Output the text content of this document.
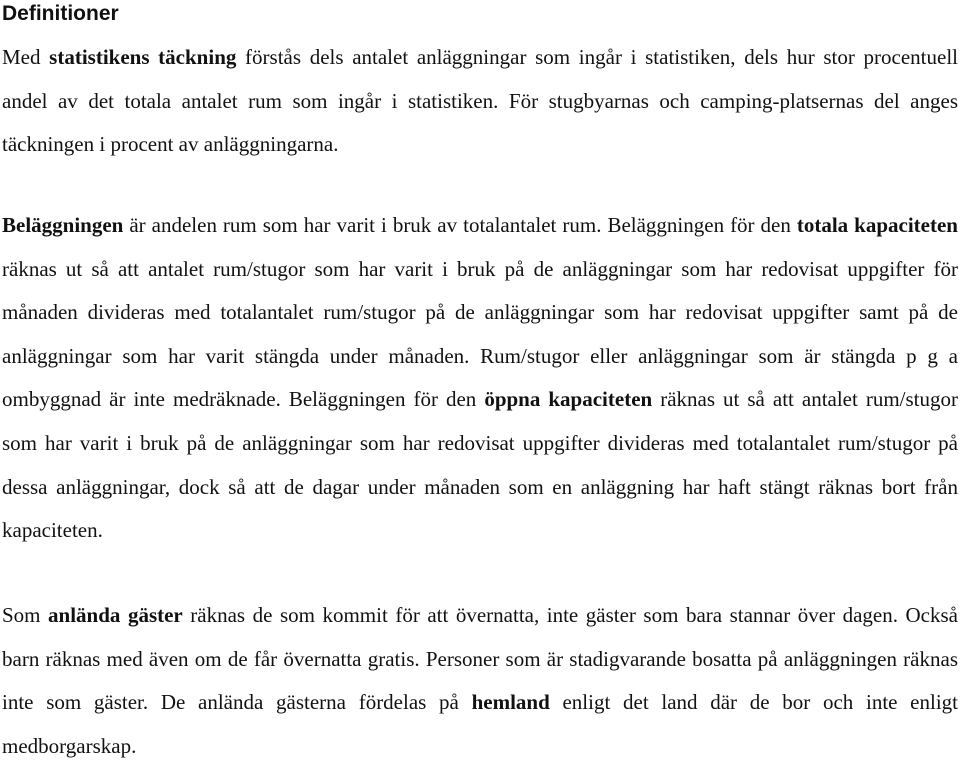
Definitioner

Med statistikens täckning förstås dels antalet anläggningar som ingår i statistiken, dels hur stor procentuell andel av det totala antalet rum som ingår i statistiken. För stugbyarnas och camping-platsernas del anges täckningen i procent av anläggningarna.

Beläggningen är andelen rum som har varit i bruk av totalantalet rum. Beläggningen för den totala kapaciteten räknas ut så att antalet rum/stugor som har varit i bruk på de anläggningar som har redovisat uppgifter för månaden divideras med totalantalet rum/stugor på de anläggningar som har redovisat uppgifter samt på de anläggningar som har varit stängda under månaden. Rum/stugor eller anläggningar som är stängda p g a ombyggnad är inte medräknade. Beläggningen för den öppna kapaciteten räknas ut så att antalet rum/stugor som har varit i bruk på de anläggningar som har redovisat uppgifter divideras med totalantalet rum/stugor på dessa anläggningar, dock så att de dagar under månaden som en anläggning har haft stängt räknas bort från kapaciteten.

Som anlända gäster räknas de som kommit för att övernatta, inte gäster som bara stannar över dagen. Också barn räknas med även om de får övernatta gratis. Personer som är stadigvarande bosatta på anläggningen räknas inte som gäster. De anlända gästerna fördelas på hemland enligt det land där de bor och inte enligt medborgarskap.
